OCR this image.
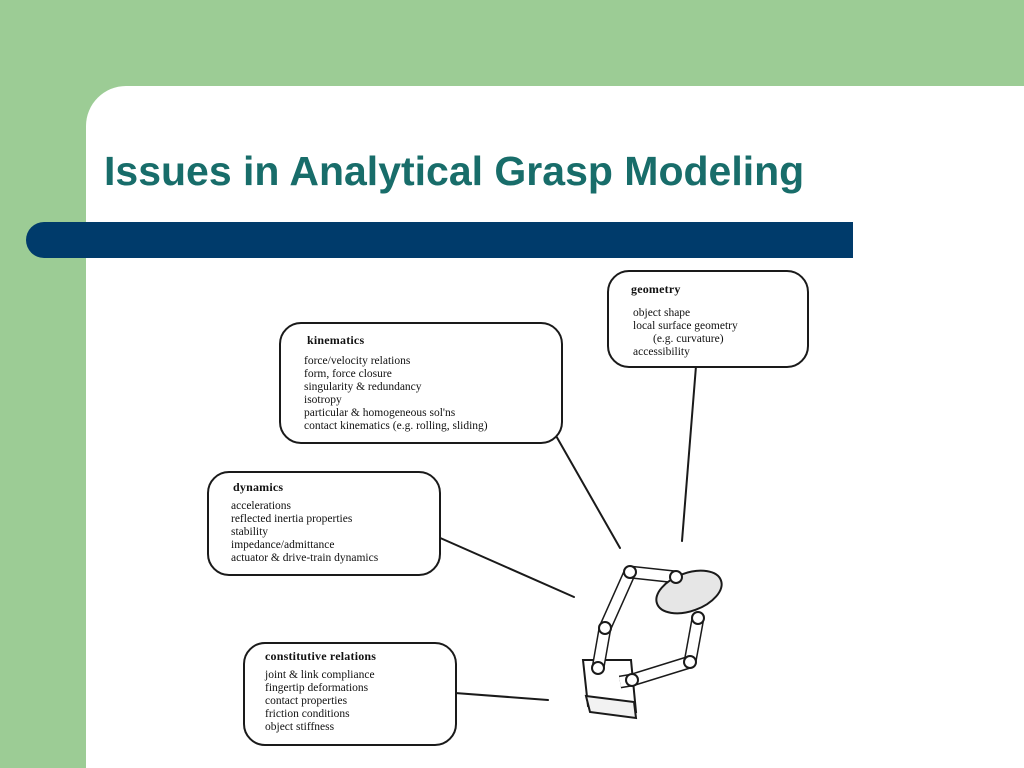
Issues in Analytical Grasp Modeling
geometry
object shape
local surface geometry
(e.g. curvature)
accessibility
kinematics
force/velocity relations
form, force closure
singularity & redundancy
isotropy
particular & homogeneous sol'ns
contact kinematics (e.g. rolling, sliding)
dynamics
accelerations
reflected inertia properties
stability
impedance/admittance
actuator & drive-train dynamics
constitutive relations
joint & link compliance
fingertip deformations
contact properties
friction conditions
object stiffness
